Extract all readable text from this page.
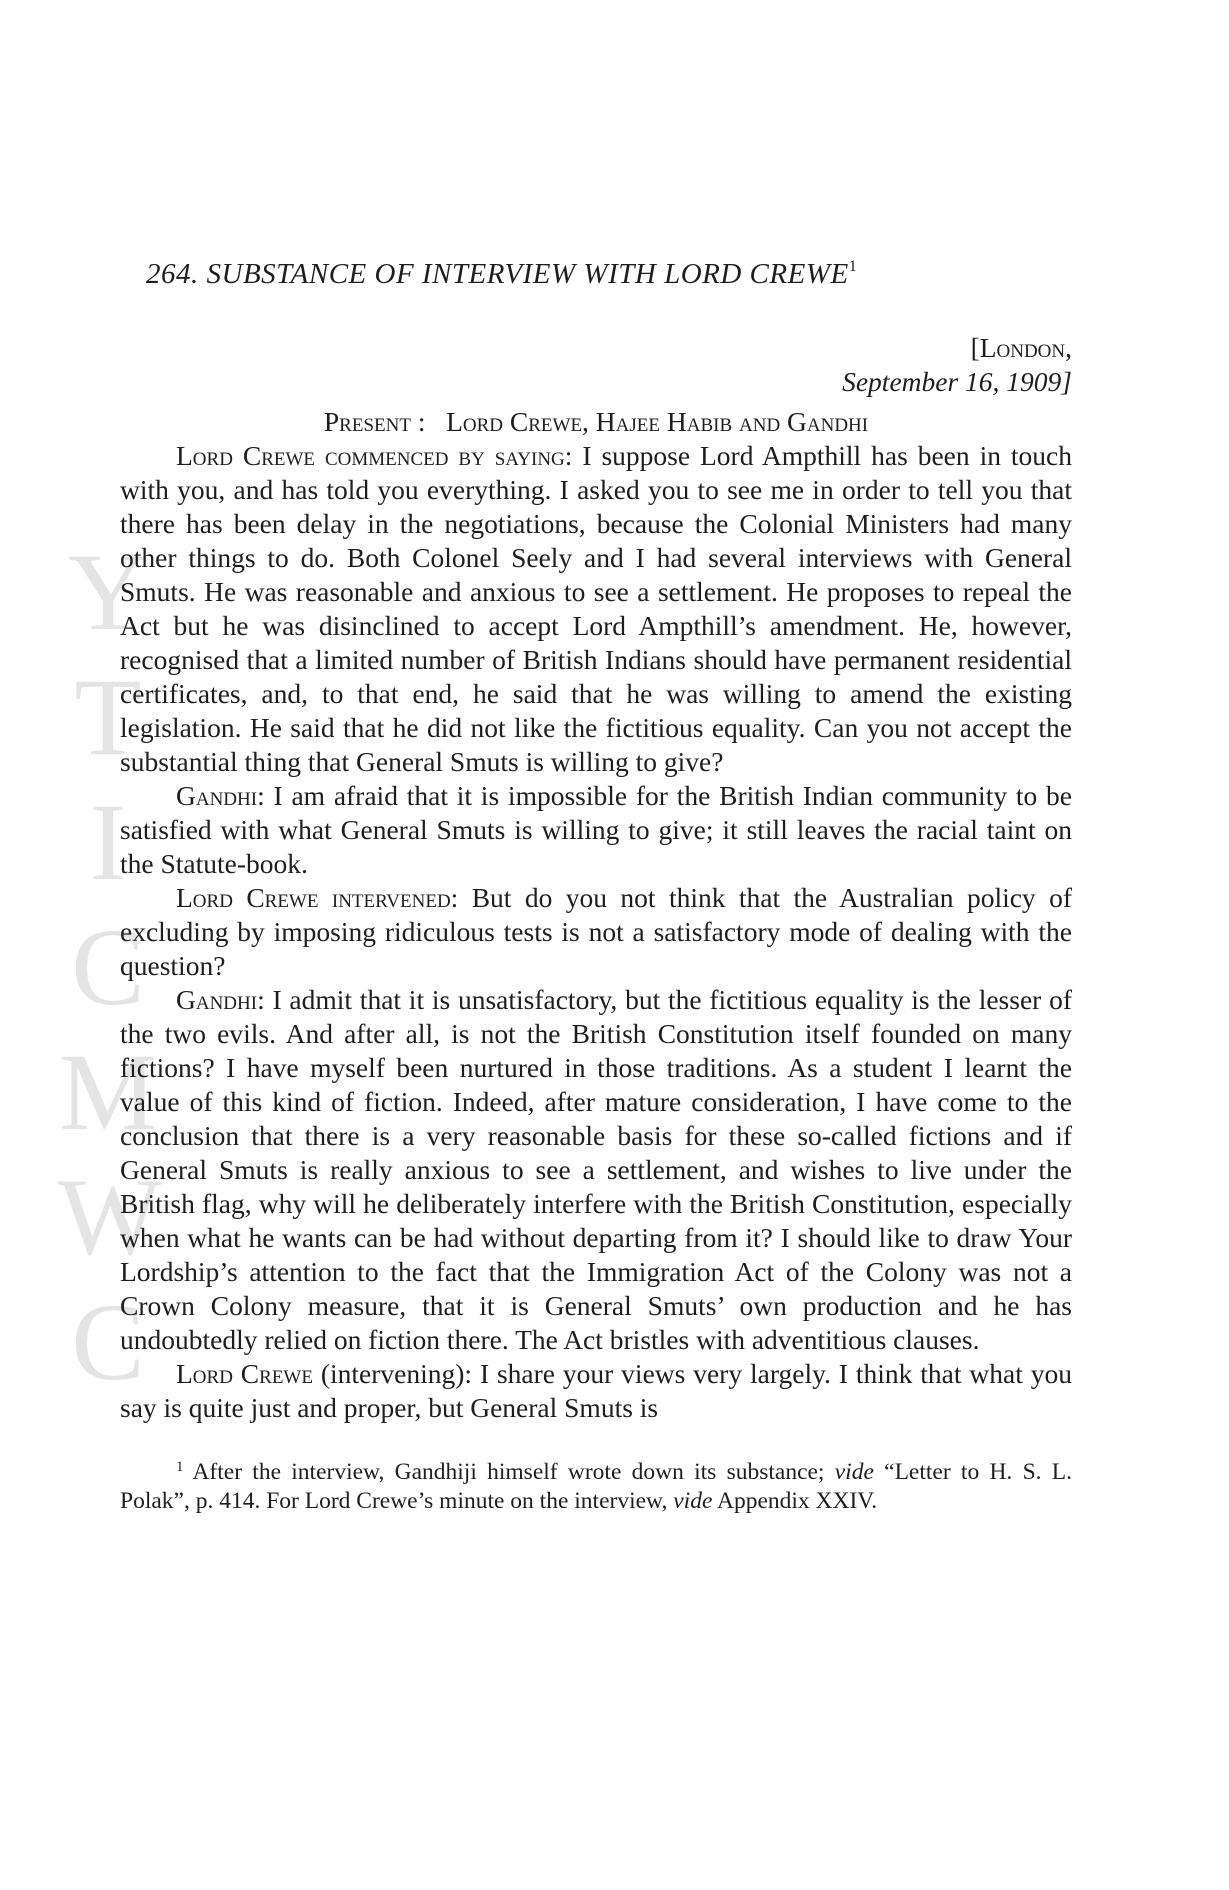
Y
T
I
C
M
W
C
264. SUBSTANCE OF INTERVIEW WITH LORD CREWE$^1$
[London,
September 16, 1909]
Present : Lord Crewe, Hajee Habib and Gandhi

Lord Crewe commenced by saying: I suppose Lord Ampthill has been in touch with you, and has told you everything. I asked you to see me in order to tell you that there has been delay in the negotiations, because the Colonial Ministers had many other things to do. Both Colonel Seely and I had several interviews with General Smuts. He was reasonable and anxious to see a settlement. He proposes to repeal the Act but he was disinclined to accept Lord Ampthill’s amendment. He, however, recognised that a limited number of British Indians should have permanent residential certificates, and, to that end, he said that he was willing to amend the existing legislation. He said that he did not like the fictitious equality. Can you not accept the substantial thing that General Smuts is willing to give?

Gandhi: I am afraid that it is impossible for the British Indian community to be satisfied with what General Smuts is willing to give; it still leaves the racial taint on the Statute-book.

Lord Crewe intervened: But do you not think that the Australian policy of excluding by imposing ridiculous tests is not a satisfactory mode of dealing with the question?

Gandhi: I admit that it is unsatisfactory, but the fictitious equality is the lesser of the two evils. And after all, is not the British Constitution itself founded on many fictions? I have myself been nurtured in those traditions. As a student I learnt the value of this kind of fiction. Indeed, after mature consideration, I have come to the conclusion that there is a very reasonable basis for these so-called fictions and if General Smuts is really anxious to see a settlement, and wishes to live under the British flag, why will he deliberately interfere with the British Constitution, especially when what he wants can be had without departing from it? I should like to draw Your Lordship’s attention to the fact that the Immigration Act of the Colony was not a Crown Colony measure, that it is General Smuts’ own production and he has undoubtedly relied on fiction there. The Act bristles with adventitious clauses.

Lord Crewe (intervening): I share your views very largely. I think that what you say is quite just and proper, but General Smuts is

$^1$ After the interview, Gandhiji himself wrote down its substance; vide “Letter to H. S. L. Polak”, p. 414. For Lord Crewe’s minute on the interview, vide Appendix XXIV.
